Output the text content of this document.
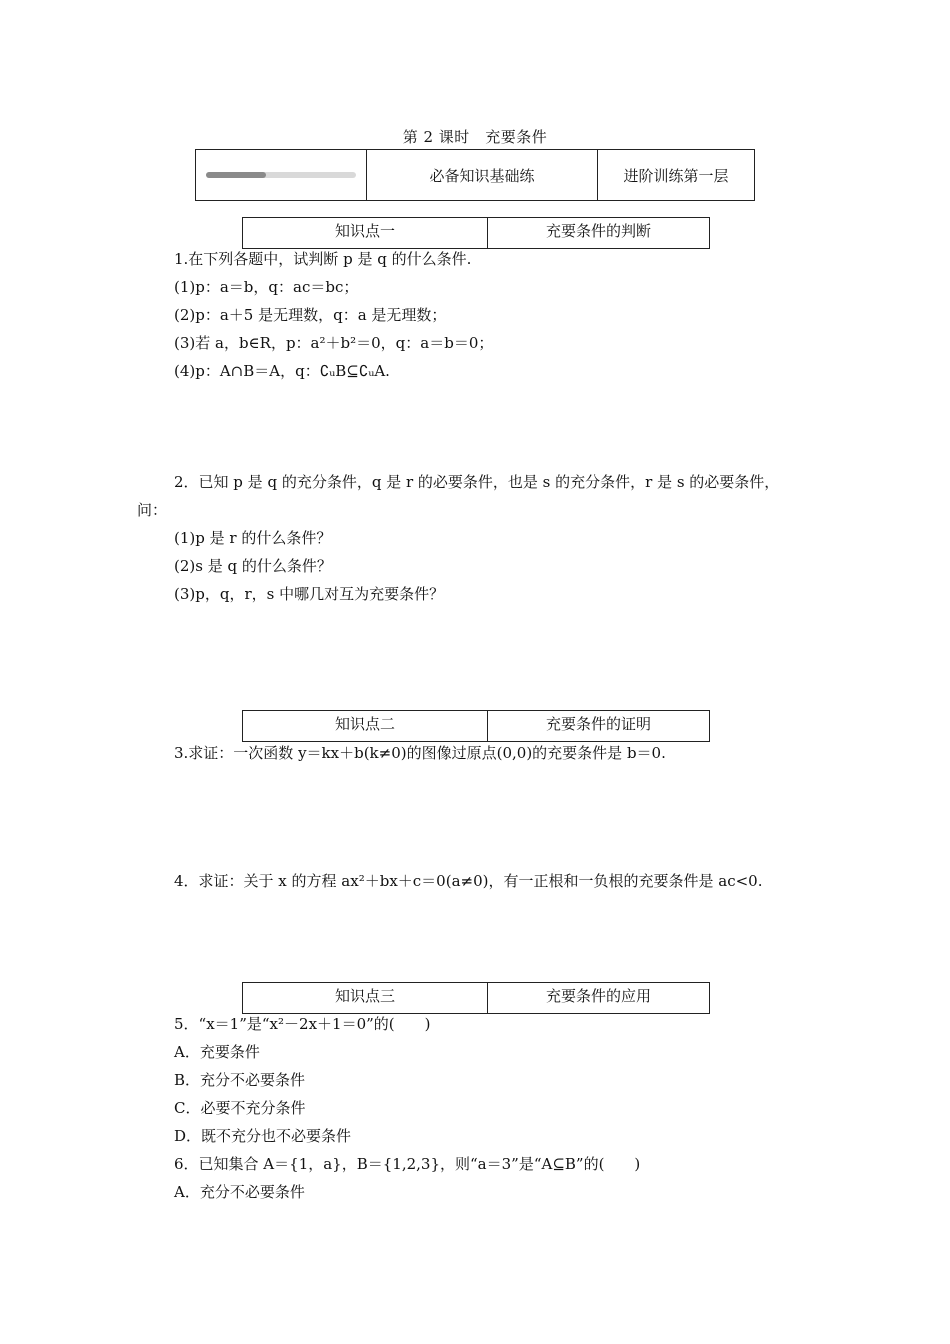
第 2 课时　充要条件
	必备知识基础练	进阶训练第一层
知识点一	充要条件的判断
1.在下列各题中，试判断 p 是 q 的什么条件.
(1)p：a＝b，q：ac＝bc；
(2)p：a＋5 是无理数，q：a 是无理数；
(3)若 a，b∈R，p：a²＋b²＝0，q：a＝b＝0；
(4)p：A∩B＝A，q：∁ᵤB⊆∁ᵤA.
2．已知 p 是 q 的充分条件，q 是 r 的必要条件，也是 s 的充分条件，r 是 s 的必要条件，
问：
(1)p 是 r 的什么条件？
(2)s 是 q 的什么条件？
(3)p，q，r，s 中哪几对互为充要条件？
知识点二	充要条件的证明
3.求证：一次函数 y＝kx＋b(k≠0)的图像过原点(0,0)的充要条件是 b＝0.
4．求证：关于 x 的方程 ax²＋bx＋c＝0(a≠0)，有一正根和一负根的充要条件是 ac<0.
知识点三	充要条件的应用
5．“x＝1”是“x²－2x＋1＝0”的(　　)
A．充要条件
B．充分不必要条件
C．必要不充分条件
D．既不充分也不必要条件
6．已知集合 A＝{1，a}，B＝{1,2,3}，则“a＝3”是“A⊆B”的(　　)
A．充分不必要条件
